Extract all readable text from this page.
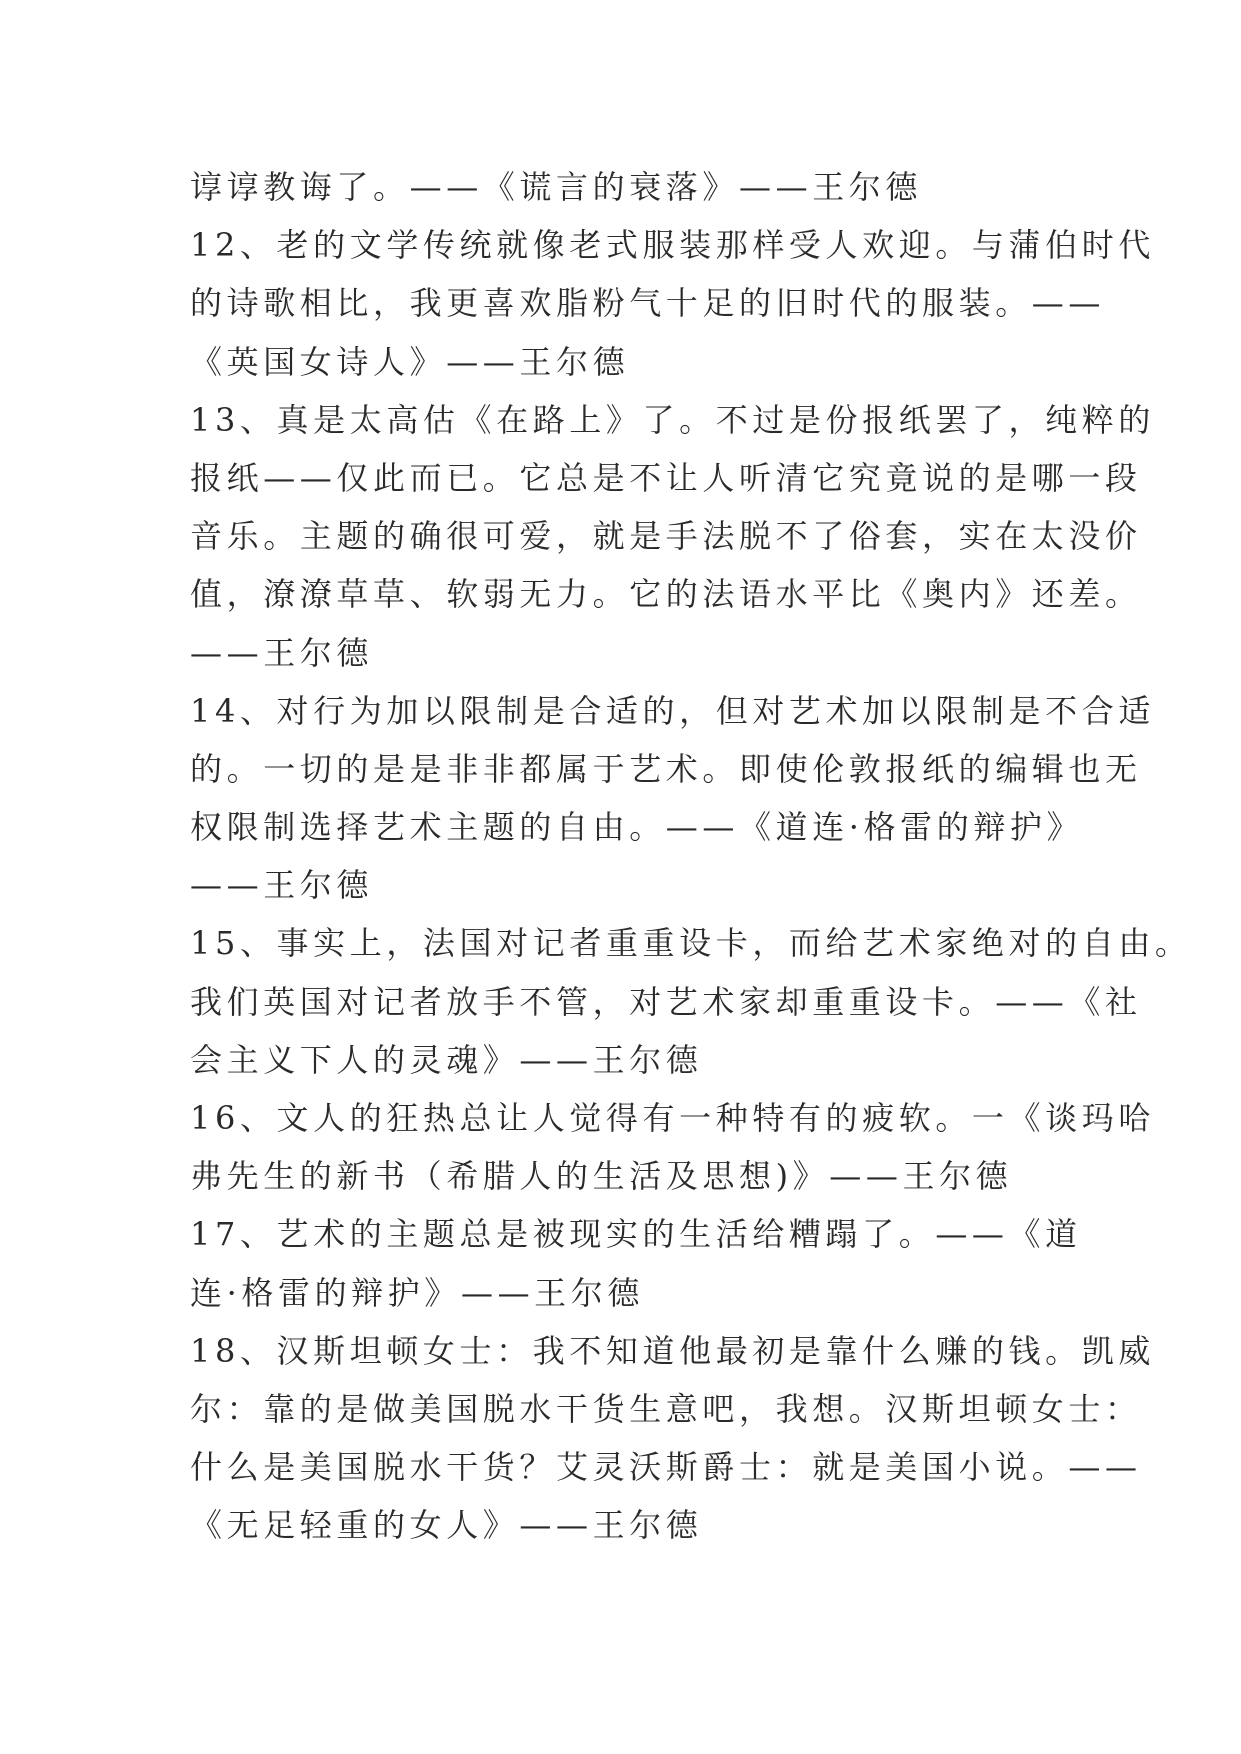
谆谆教诲了。——《谎言的衰落》——王尔德
12、老的文学传统就像老式服装那样受人欢迎。与蒲伯时代
的诗歌相比，我更喜欢脂粉气十足的旧时代的服装。——
《英国女诗人》——王尔德
13、真是太高估《在路上》了。不过是份报纸罢了，纯粹的
报纸——仅此而已。它总是不让人听清它究竟说的是哪一段
音乐。主题的确很可爱，就是手法脱不了俗套，实在太没价
值，潦潦草草、软弱无力。它的法语水平比《奥内》还差。
——王尔德
14、对行为加以限制是合适的，但对艺术加以限制是不合适
的。一切的是是非非都属于艺术。即使伦敦报纸的编辑也无
权限制选择艺术主题的自由。——《道连·格雷的辩护》
——王尔德
15、事实上，法国对记者重重设卡，而给艺术家绝对的自由。
我们英国对记者放手不管，对艺术家却重重设卡。——《社
会主义下人的灵魂》——王尔德
16、文人的狂热总让人觉得有一种特有的疲软。一《谈玛哈
弗先生的新书（希腊人的生活及思想)》——王尔德
17、艺术的主题总是被现实的生活给糟蹋了。——《道
连·格雷的辩护》——王尔德
18、汉斯坦顿女士：我不知道他最初是靠什么赚的钱。凯威
尔：靠的是做美国脱水干货生意吧，我想。汉斯坦顿女士：
什么是美国脱水干货？艾灵沃斯爵士：就是美国小说。——
《无足轻重的女人》——王尔德
